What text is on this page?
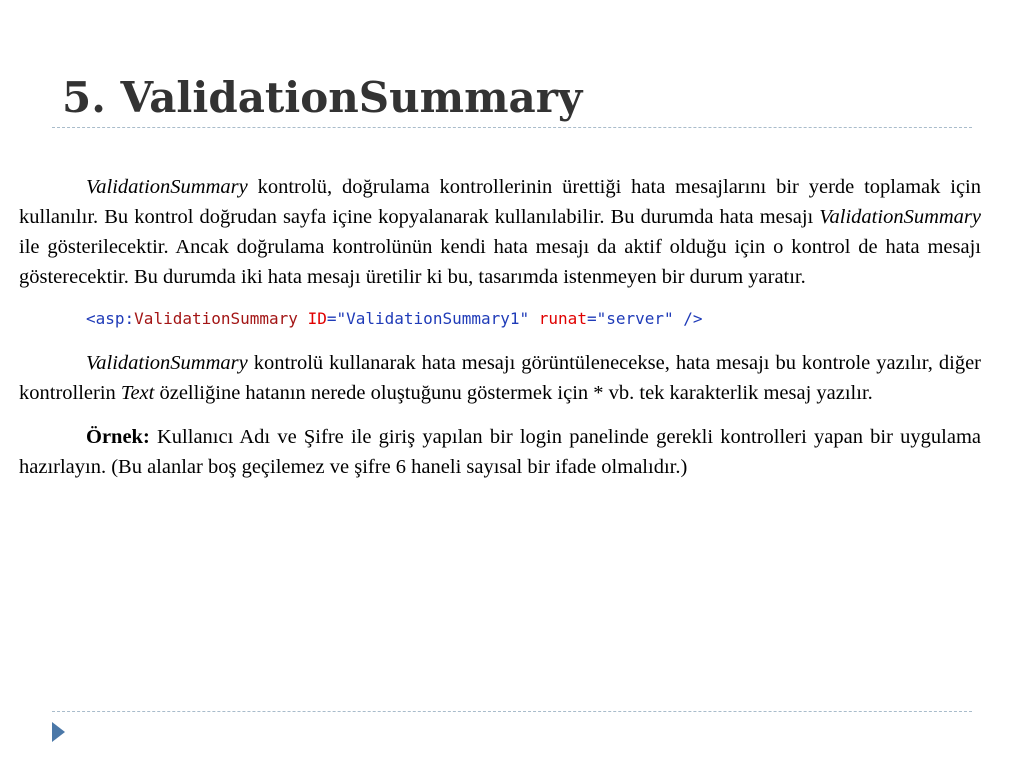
5. ValidationSummary

ValidationSummary kontrolü, doğrulama kontrollerinin ürettiği hata mesajlarını bir yerde toplamak için kullanılır. Bu kontrol doğrudan sayfa içine kopyalanarak kullanılabilir. Bu durumda hata mesajı ValidationSummary ile gösterilecektir. Ancak doğrulama kontrolünün kendi hata mesajı da aktif olduğu için o kontrol de hata mesajı gösterecektir. Bu durumda iki hata mesajı üretilir ki bu, tasarımda istenmeyen bir durum yaratır.

<asp:ValidationSummary ID="ValidationSummary1" runat="server" />

ValidationSummary kontrolü kullanarak hata mesajı görüntülenecekse, hata mesajı bu kontrole yazılır, diğer kontrollerin Text özelliğine hatanın nerede oluştuğunu göstermek için * vb. tek karakterlik mesaj yazılır.

Örnek: Kullanıcı Adı ve Şifre ile giriş yapılan bir login panelinde gerekli kontrolleri yapan bir uygulama hazırlayın. (Bu alanlar boş geçilemez ve şifre 6 haneli sayısal bir ifade olmalıdır.)
